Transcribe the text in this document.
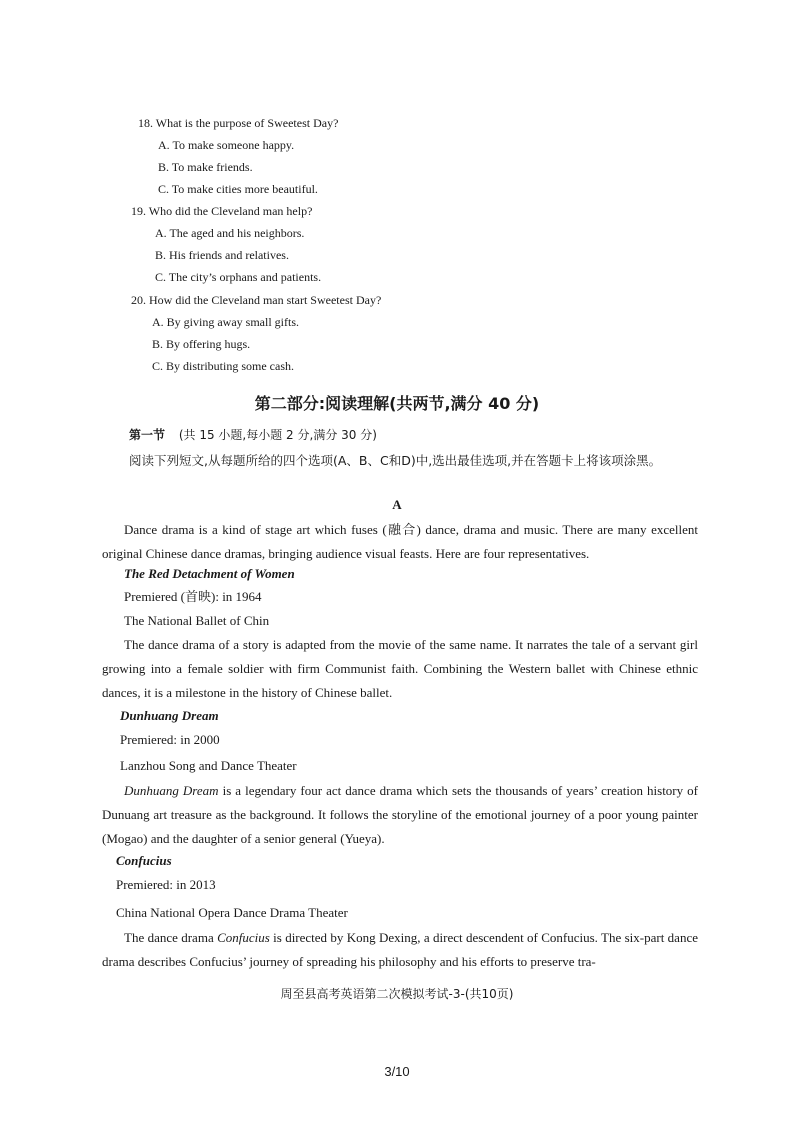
18. What is the purpose of Sweetest Day?
A. To make someone happy.
B. To make friends.
C. To make cities more beautiful.
19. Who did the Cleveland man help?
A. The aged and his neighbors.
B. His friends and relatives.
C. The city’s orphans and patients.
20. How did the Cleveland man start Sweetest Day?
A. By giving away small gifts.
B. By offering hugs.
C. By distributing some cash.
第二部分:阅读理解(共两节,满分 40 分)
第一节 (共 15 小题,每小题 2 分,满分 30 分)
阅读下列短文,从每题所给的四个选项(A、B、C和D)中,选出最佳选项,并在答题卡上将该项涂黑。
A
Dance drama is a kind of stage art which fuses (融合) dance, drama and music. There are many excellent original Chinese dance dramas, bringing audience visual feasts. Here are four representatives.
The Red Detachment of Women
Premiered (首映): in 1964
The National Ballet of Chin
The dance drama of a story is adapted from the movie of the same name. It narrates the tale of a servant girl growing into a female soldier with firm Communist faith. Combining the Western ballet with Chinese ethnic dances, it is a milestone in the history of Chinese ballet.
Dunhuang Dream
Premiered: in 2000
Lanzhou Song and Dance Theater
Dunhuang Dream is a legendary four act dance drama which sets the thousands of years’ creation history of Dunuang art treasure as the background. It follows the storyline of the emotional journey of a poor young painter (Mogao) and the daughter of a senior general (Yueya).
Confucius
Premiered: in 2013
China National Opera Dance Drama Theater
The dance drama Confucius is directed by Kong Dexing, a direct descendent of Confucius. The six-part dance drama describes Confucius’ journey of spreading his philosophy and his efforts to preserve tra-
周至县高考英语第二次模拟考试-3-(共10页)
3/10
